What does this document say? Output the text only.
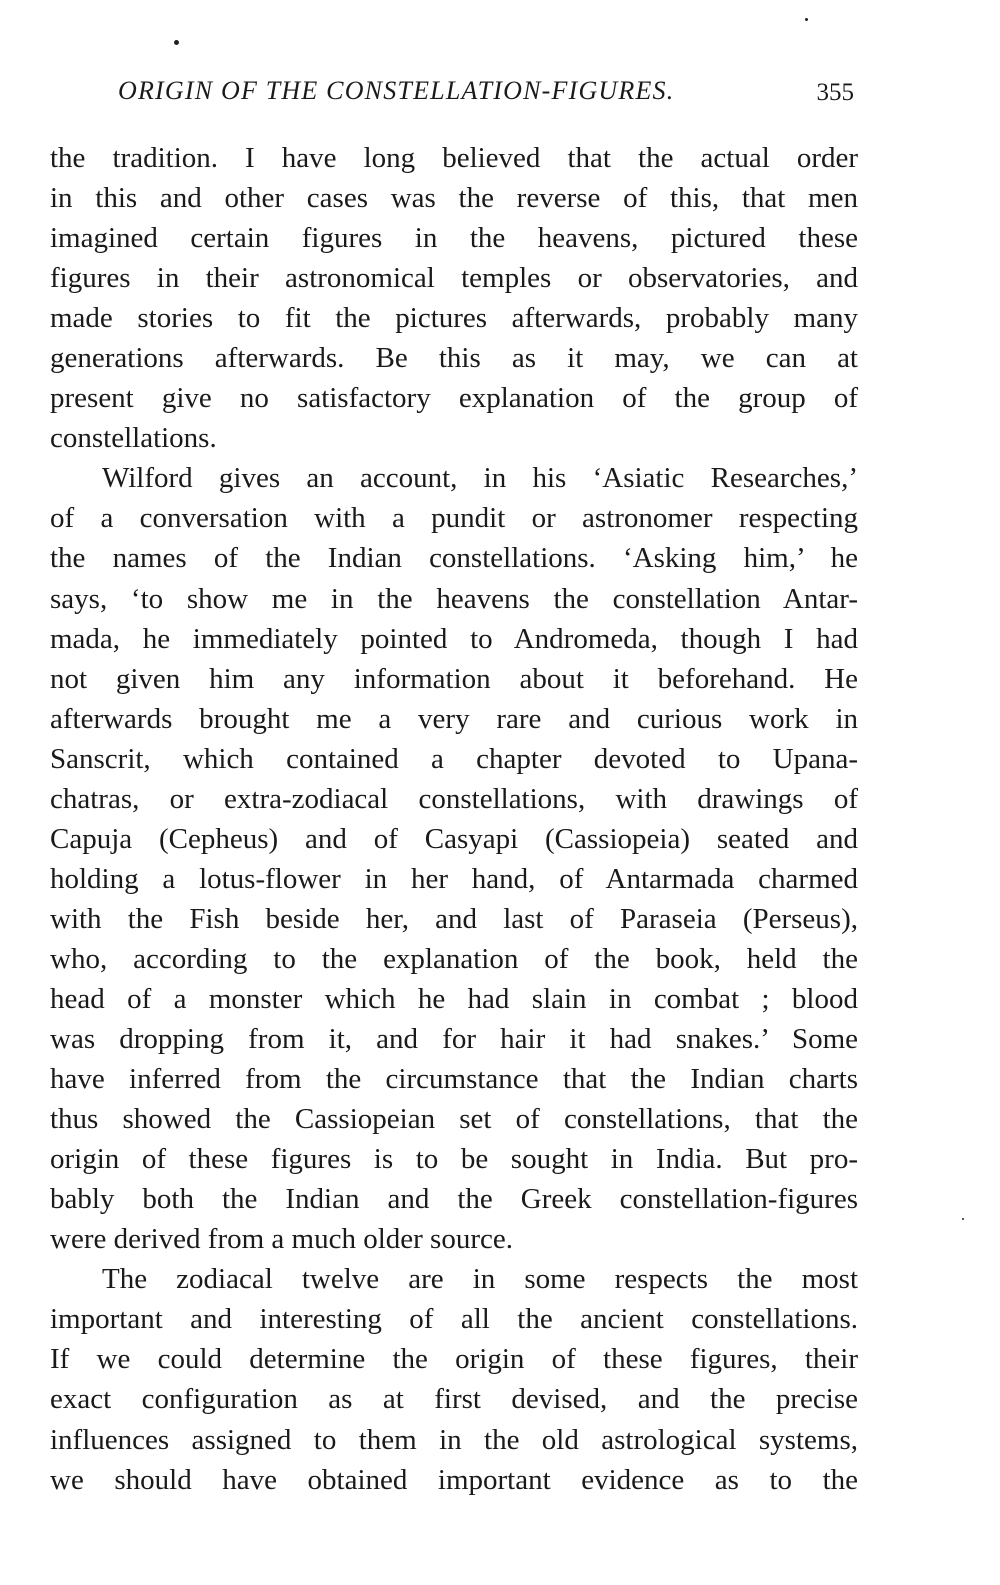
ORIGIN OF THE CONSTELLATION-FIGURES.	355
the tradition. I have long believed that the actual order
in this and other cases was the reverse of this, that men
imagined certain figures in the heavens, pictured these
figures in their astronomical temples or observatories, and
made stories to fit the pictures afterwards, probably many
generations afterwards. Be this as it may, we can at
present give no satisfactory explanation of the group of
constellations.
Wilford gives an account, in his ‘Asiatic Researches,’
of a conversation with a pundit or astronomer respecting
the names of the Indian constellations. ‘Asking him,’ he
says, ‘to show me in the heavens the constellation Antar-
mada, he immediately pointed to Andromeda, though I had
not given him any information about it beforehand. He
afterwards brought me a very rare and curious work in
Sanscrit, which contained a chapter devoted to Upana-
chatras, or extra-zodiacal constellations, with drawings of
Capuja (Cepheus) and of Casyapi (Cassiopeia) seated and
holding a lotus-flower in her hand, of Antarmada charmed
with the Fish beside her, and last of Paraseia (Perseus),
who, according to the explanation of the book, held the
head of a monster which he had slain in combat ; blood
was dropping from it, and for hair it had snakes.’ Some
have inferred from the circumstance that the Indian charts
thus showed the Cassiopeian set of constellations, that the
origin of these figures is to be sought in India. But pro-
bably both the Indian and the Greek constellation-figures
were derived from a much older source.
The zodiacal twelve are in some respects the most
important and interesting of all the ancient constellations.
If we could determine the origin of these figures, their
exact configuration as at first devised, and the precise
influences assigned to them in the old astrological systems,
we should have obtained important evidence as to the
